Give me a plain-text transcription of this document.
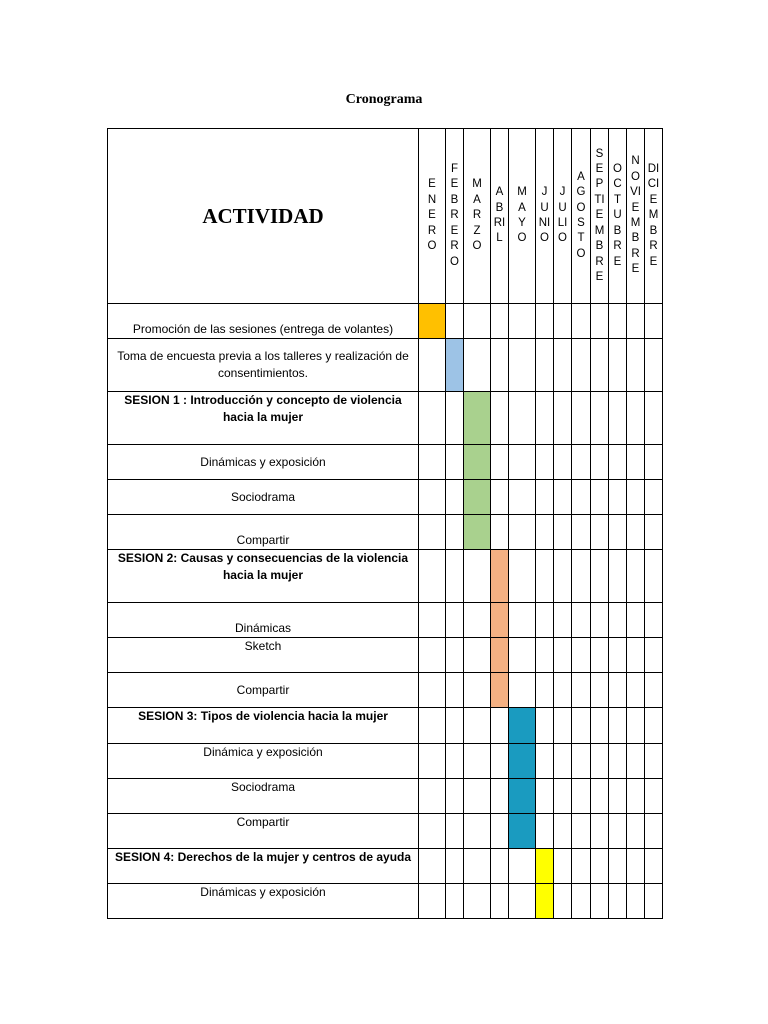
Cronograma
ACTIVIDAD	ENERO	FEBRERO	MARZO	ABRIL	MAYO	JUNIO	JULIO	AGOSTO	SEPTIEMBRE	OCTUBRE	NOVIEMBRE	DICIEMBRE

Promoción de las sesiones (entrega de volantes)												

Toma de encuesta previa a los talleres y realización de consentimientos.												

SESION 1 : Introducción y concepto de violencia hacia la mujer												

Dinámicas y exposición												

Sociodrama												

Compartir												

SESION 2: Causas y consecuencias de la violencia hacia la mujer												

Dinámicas												

Sketch												

Compartir												

SESION 3: Tipos de violencia hacia la mujer												

Dinámica y exposición												

Sociodrama												

Compartir												

SESION 4: Derechos de la mujer y centros de ayuda												

Dinámicas y exposición												
